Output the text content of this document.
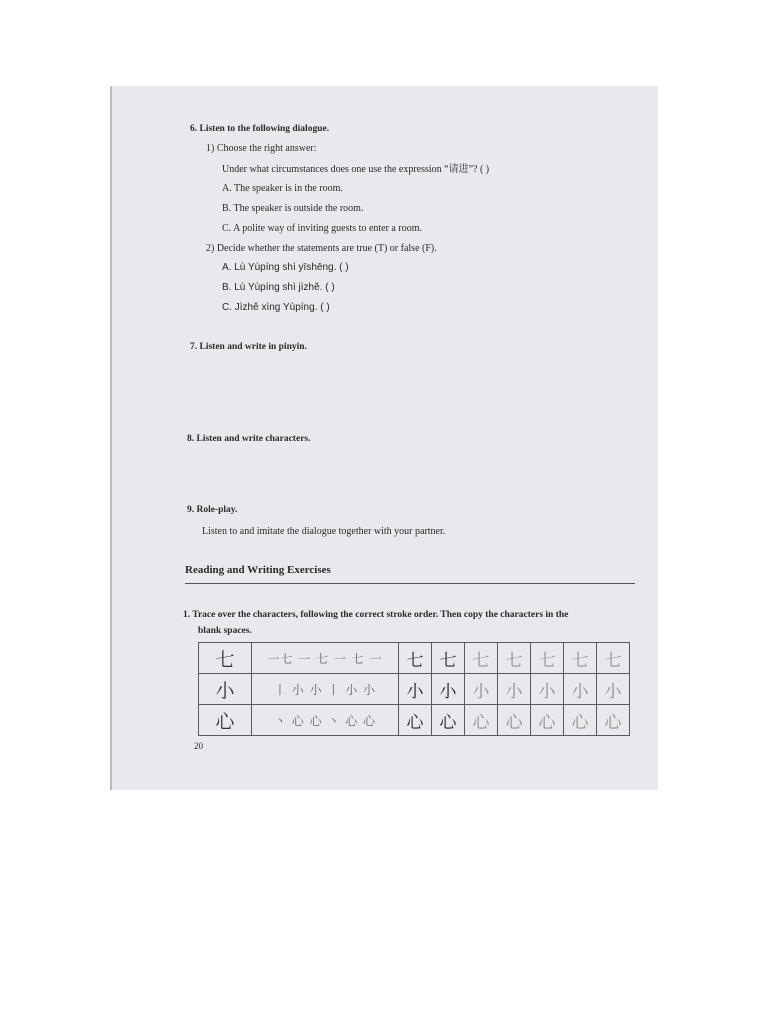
6. Listen to the following dialogue.
1) Choose the right answer:
Under what circumstances does one use the expression “请进”? ( )
A. The speaker is in the room.
B. The speaker is outside the room.
C. A polite way of inviting guests to enter a room.
2) Decide whether the statements are true (T) or false (F).
A. Lù Yùpíng shì yīshēng. ( )
B. Lù Yùpíng shì jìzhě. ( )
C. Jìzhě xìng Yùpíng. ( )
7. Listen and write in pinyin.
8. Listen and write characters.
9. Role-play.
Listen to and imitate the dialogue together with your partner.
Reading and Writing Exercises
1. Trace over the characters, following the correct stroke order. Then copy the characters in the
blank spaces.
七	一七 一 七 一 七 一	七	七	七	七	七	七	七
小	丨 小 小 丨 小 小	小	小	小	小	小	小	小
心	丶 心 心 丶 心 心	心	心	心	心	心	心	心
20
